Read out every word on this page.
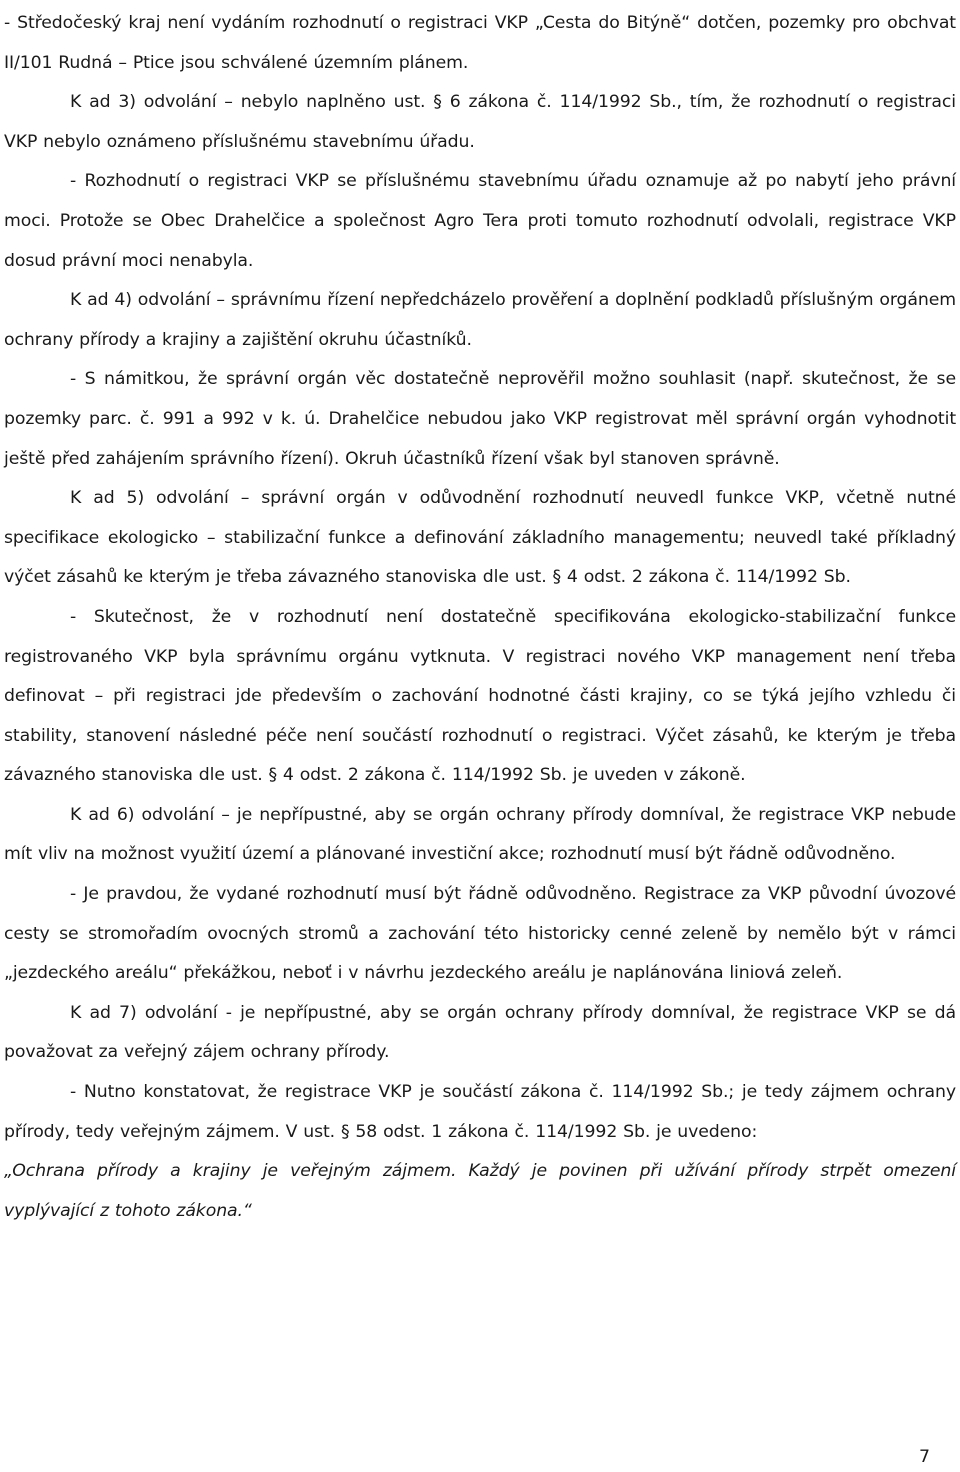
- Středočeský kraj není vydáním rozhodnutí o registraci VKP „Cesta do Bitýně“ dotčen, pozemky pro obchvat II/101 Rudná – Ptice jsou schválené územním plánem.

K ad 3) odvolání – nebylo naplněno ust. § 6 zákona č. 114/1992 Sb., tím, že rozhodnutí o registraci VKP nebylo oznámeno příslušnému stavebnímu úřadu.

- Rozhodnutí o registraci VKP se příslušnému stavebnímu úřadu oznamuje až po nabytí jeho právní moci. Protože se Obec Drahelčice a společnost Agro Tera proti tomuto rozhodnutí odvolali, registrace VKP dosud právní moci nenabyla.

K ad 4) odvolání – správnímu řízení nepředcházelo prověření a doplnění podkladů příslušným orgánem ochrany přírody a krajiny a zajištění okruhu účastníků.

- S námitkou, že správní orgán věc dostatečně neprověřil možno souhlasit (např. skutečnost, že se pozemky parc. č. 991 a 992 v k. ú. Drahelčice nebudou jako VKP registrovat měl správní orgán vyhodnotit ještě před zahájením správního řízení). Okruh účastníků řízení však byl stanoven správně.

K ad 5) odvolání – správní orgán v odůvodnění rozhodnutí neuvedl funkce VKP, včetně nutné specifikace ekologicko – stabilizační funkce a definování základního managementu; neuvedl také příkladný výčet zásahů ke kterým je třeba závazného stanoviska dle ust. § 4 odst. 2 zákona č. 114/1992 Sb.

- Skutečnost, že v rozhodnutí není dostatečně specifikována ekologicko-stabilizační funkce registrovaného VKP byla správnímu orgánu vytknuta. V registraci nového VKP management není třeba definovat – při registraci jde především o zachování hodnotné části krajiny, co se týká jejího vzhledu či stability, stanovení následné péče není součástí rozhodnutí o registraci. Výčet zásahů, ke kterým je třeba závazného stanoviska dle ust. § 4 odst. 2 zákona č. 114/1992 Sb. je uveden v zákoně.

K ad 6) odvolání – je nepřípustné, aby se orgán ochrany přírody domníval, že registrace VKP nebude mít vliv na možnost využití území a plánované investiční akce; rozhodnutí musí být řádně odůvodněno.

- Je pravdou, že vydané rozhodnutí musí být řádně odůvodněno. Registrace za VKP původní úvozové cesty se stromořadím ovocných stromů a zachování této historicky cenné zeleně by nemělo být v rámci „jezdeckého areálu“ překážkou, neboť i v návrhu jezdeckého areálu je naplánována liniová zeleň.

K ad 7) odvolání - je nepřípustné, aby se orgán ochrany přírody domníval, že registrace VKP se dá považovat za veřejný zájem ochrany přírody.

- Nutno konstatovat, že registrace VKP je součástí zákona č. 114/1992 Sb.; je tedy zájmem ochrany přírody, tedy veřejným zájmem. V ust. § 58 odst. 1 zákona č. 114/1992 Sb. je uvedeno:

„Ochrana přírody a krajiny je veřejným zájmem. Každý je povinen při užívání přírody strpět omezení vyplývající z tohoto zákona.“

7
